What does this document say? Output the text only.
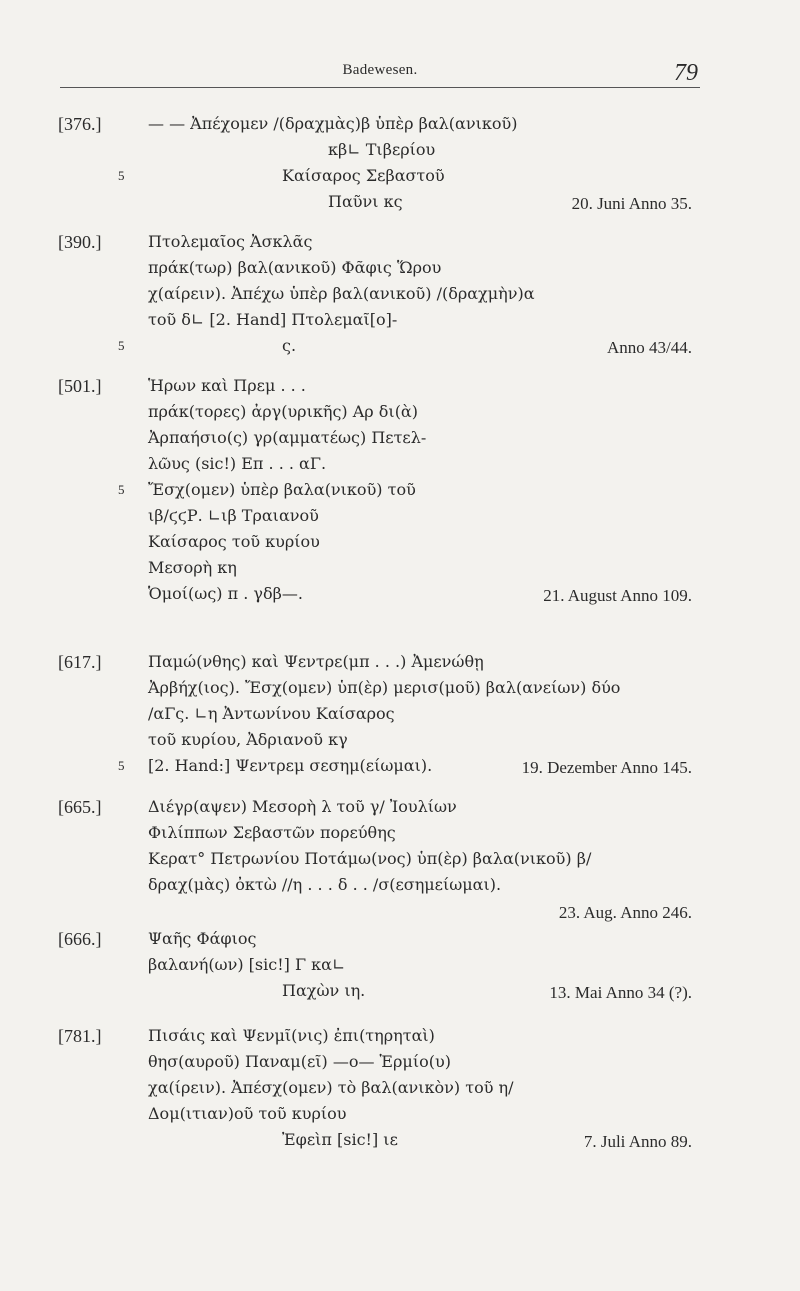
Badewesen.	79
[376.]	— — Ἀπέχομεν /(δραχμὰς)β ὑπὲρ βαλ(ανικοῦ)
κβ∟ Τιβερίου
5	Καίσαρος Σεβαστοῦ
Παῦνι κς	20. Juni Anno 35.
[390.]	Πτολεμαῖος Ἀσκλᾶς
πράκ(τωρ) βαλ(ανικοῦ) Φᾶφις Ὥρου
χ(αίρειν). Ἀπέχω ὑπὲρ βαλ(ανικοῦ) /(δραχμὴν)α
τοῦ δ∟ [2. Hand] Πτολεμαῖ[ο]-
5	ς.	Anno 43/44.
[501.]	Ἡρων καὶ Πρεμ . . .
πράκ(τορες) ἀργ(υρικῆς) Αρ δι(ὰ)
Ἀρπαήσιο(ς) γρ(αμματέως) Πετελ-
λῶυς (sic!) Επ . . . αΓ.
5 Ἔσχ(ομεν) ὑπὲρ βαλα(νικοῦ) τοῦ
ιβ/ϛϛΡ. ∟ιβ Τραιανοῦ
Καίσαρος τοῦ κυρίου
Μεσορὴ κη
Ὁμοί(ως) π . γδβ—.	21. August Anno 109.
[617.]	Παμώ(νθης) καὶ Ψεντρε(μπ . . .) Ἀμενώθῃ
Ἀρβήχ(ιος). Ἔσχ(ομεν) ὑπ(ὲρ) μερισ(μοῦ) βαλ(ανείων) δύο
/αΓς. ∟η Ἀντωνίνου Καίσαρος
τοῦ κυρίου, Ἀδριανοῦ κγ
5 [2. Hand:] Ψεντρεμ σεσημ(είωμαι).	19. Dezember Anno 145.
[665.]	Διέγρ(αψεν) Μεσορὴ λ τοῦ γ/ Ἰουλίων
Φιλίππων Σεβαστῶν πορεύθης
Κερατ° Πετρωνίου Ποτάμω(νος) ὑπ(ὲρ) βαλα(νικοῦ) β/
δραχ(μὰς) ὀκτὼ //η . . . δ . . /σ(εσημείωμαι).
23. Aug. Anno 246.
[666.]	Ψαῆς Φάφιος
βαλανή(ων) [sic!] Γ κα∟
Παχὼν ιη.	13. Mai Anno 34 (?).
[781.]	Πισάις καὶ Ψενμῖ(νις) ἐπι(τηρηταὶ)
θησ(αυροῦ) Παναμ(εῖ) —ο— Ἑρμίο(υ)
χα(ίρειν). Ἀπέσχ(ομεν) τὸ βαλ(ανικὸν) τοῦ η/
Δομ(ιτιαν)οῦ τοῦ κυρίου
Ἐφεὶπ [sic!] ιε	7. Juli Anno 89.
